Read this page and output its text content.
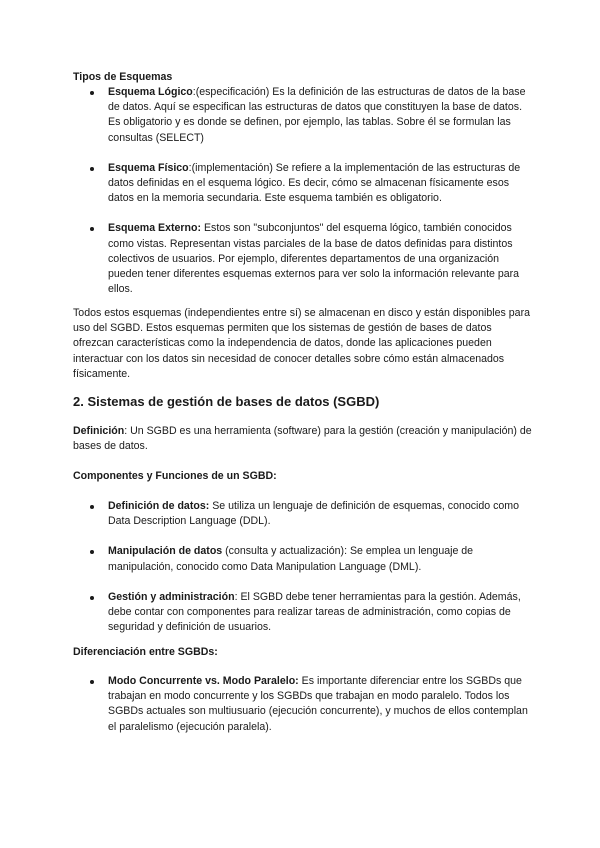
Tipos de Esquemas
Esquema Lógico:(especificación) Es la definición de las estructuras de datos de la base de datos. Aquí se especifican las estructuras de datos que constituyen la base de datos. Es obligatorio y es donde se definen, por ejemplo, las tablas. Sobre él se formulan las consultas (SELECT)
Esquema Físico:(implementación) Se refiere a la implementación de las estructuras de datos definidas en el esquema lógico. Es decir, cómo se almacenan físicamente esos datos en la memoria secundaria. Este esquema también es obligatorio.
Esquema Externo: Estos son "subconjuntos" del esquema lógico, también conocidos como vistas. Representan vistas parciales de la base de datos definidas para distintos colectivos de usuarios. Por ejemplo, diferentes departamentos de una organización pueden tener diferentes esquemas externos para ver solo la información relevante para ellos.
Todos estos esquemas (independientes entre sí) se almacenan en disco y están disponibles para uso del SGBD. Estos esquemas permiten que los sistemas de gestión de bases de datos ofrezcan características como la independencia de datos, donde las aplicaciones pueden interactuar con los datos sin necesidad de conocer detalles sobre cómo están almacenados físicamente.
2. Sistemas de gestión de bases de datos (SGBD)
Definición: Un SGBD es una herramienta (software) para la gestión (creación y manipulación) de bases de datos.
Componentes y Funciones de un SGBD:
Definición de datos: Se utiliza un lenguaje de definición de esquemas, conocido como Data Description Language (DDL).
Manipulación de datos (consulta y actualización): Se emplea un lenguaje de manipulación, conocido como Data Manipulation Language (DML).
Gestión y administración: El SGBD debe tener herramientas para la gestión. Además, debe contar con componentes para realizar tareas de administración, como copias de seguridad y definición de usuarios.
Diferenciación entre SGBDs:
Modo Concurrente vs. Modo Paralelo: Es importante diferenciar entre los SGBDs que trabajan en modo concurrente y los SGBDs que trabajan en modo paralelo. Todos los SGBDs actuales son multiusuario (ejecución concurrente), y muchos de ellos contemplan el paralelismo (ejecución paralela).
